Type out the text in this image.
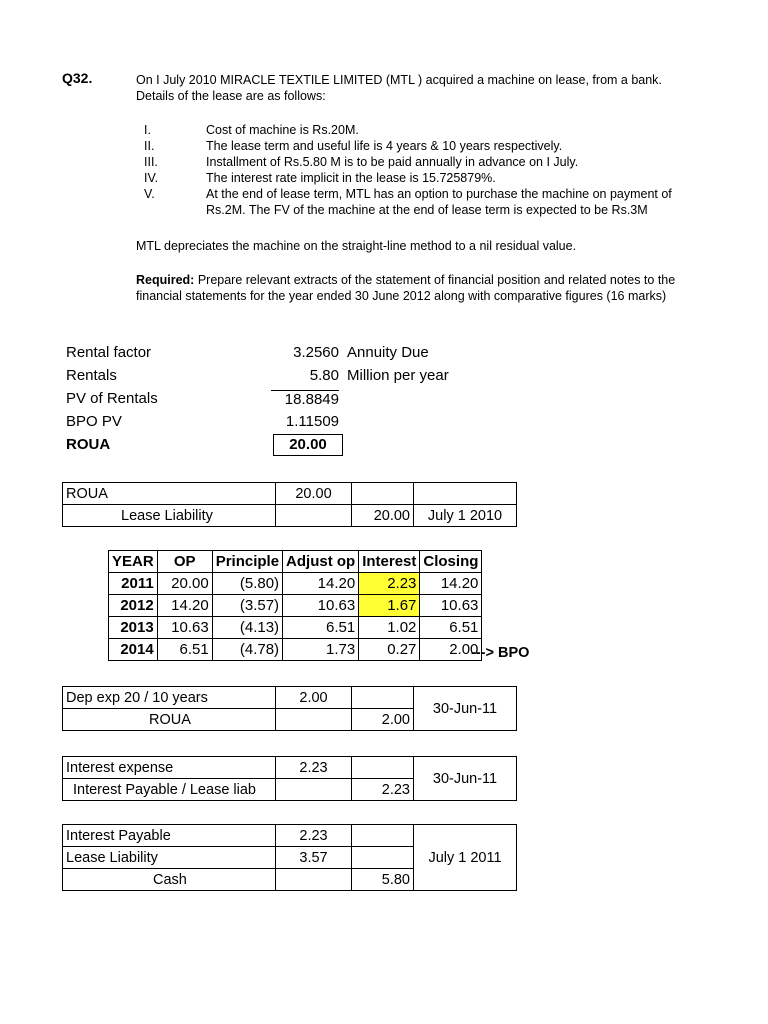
Q32.	On I July 2010 MIRACLE TEXTILE LIMITED (MTL ) acquired a machine on lease, from a bank. Details of the lease are as follows:
I.	Cost of machine is Rs.20M.
II.	The lease term and useful life is 4 years & 10 years respectively.
III.	Installment of Rs.5.80 M is to be paid annually in advance on I July.
IV.	The interest rate implicit in the lease is 15.725879%.
V.	At the end of lease term, MTL has an option to purchase the machine on payment of Rs.2M. The FV of the machine at the end of lease term is expected to be Rs.3M
MTL depreciates the machine on the straight-line method to a nil residual value.
Required: Prepare relevant extracts of the statement of financial position and related notes to the financial statements for the year ended 30 June 2012 along with comparative figures (16 marks)
Rental factor	3.2560 Annuity Due
Rentals	5.80 Million per year
PV of Rentals	18.8849
BPO PV	1.11509
ROUA	20.00
ROUA	20.00		
Lease Liability		20.00	July 1 2010
YEAR	OP	Principle	Adjust op	Interest	Closing
2011	20.00	(5.80)	14.20	2.23	14.20
2012	14.20	(3.57)	10.63	1.67	10.63
2013	10.63	(4.13)	6.51	1.02	6.51
2014	6.51	(4.78)	1.73	0.27	2.00
---> BPO
Dep exp 20 / 10 years	2.00		30-Jun-11
ROUA		2.00	
Interest expense	2.23		30-Jun-11
Interest Payable / Lease liab		2.23	
Interest Payable	2.23		July 1 2011
Lease Liability	3.57		
Cash		5.80	
